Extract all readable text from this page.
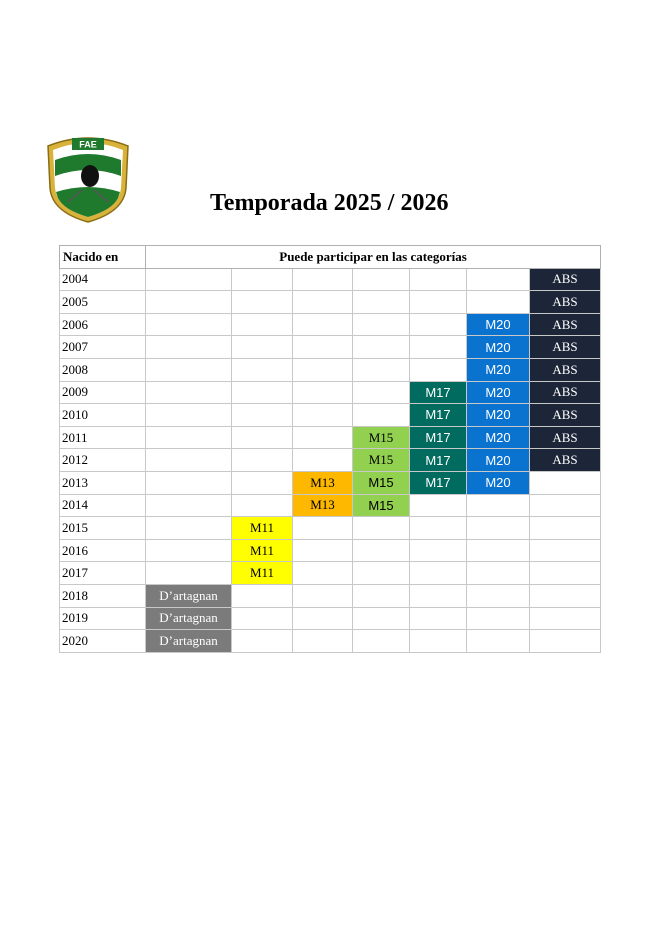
FAE
Temporada 2025 / 2026
Nacido en	Puede participar en las categorías						
2004							ABS
2005							ABS
2006						M20	ABS
2007						M20	ABS
2008						M20	ABS
2009					M17	M20	ABS
2010					M17	M20	ABS
2011				M15	M17	M20	ABS
2012				M15	M17	M20	ABS
2013			M13	M15	M17	M20	
2014			M13	M15			
2015		M11					
2016		M11					
2017		M11					
2018	D’artagnan						
2019	D’artagnan						
2020	D’artagnan						
